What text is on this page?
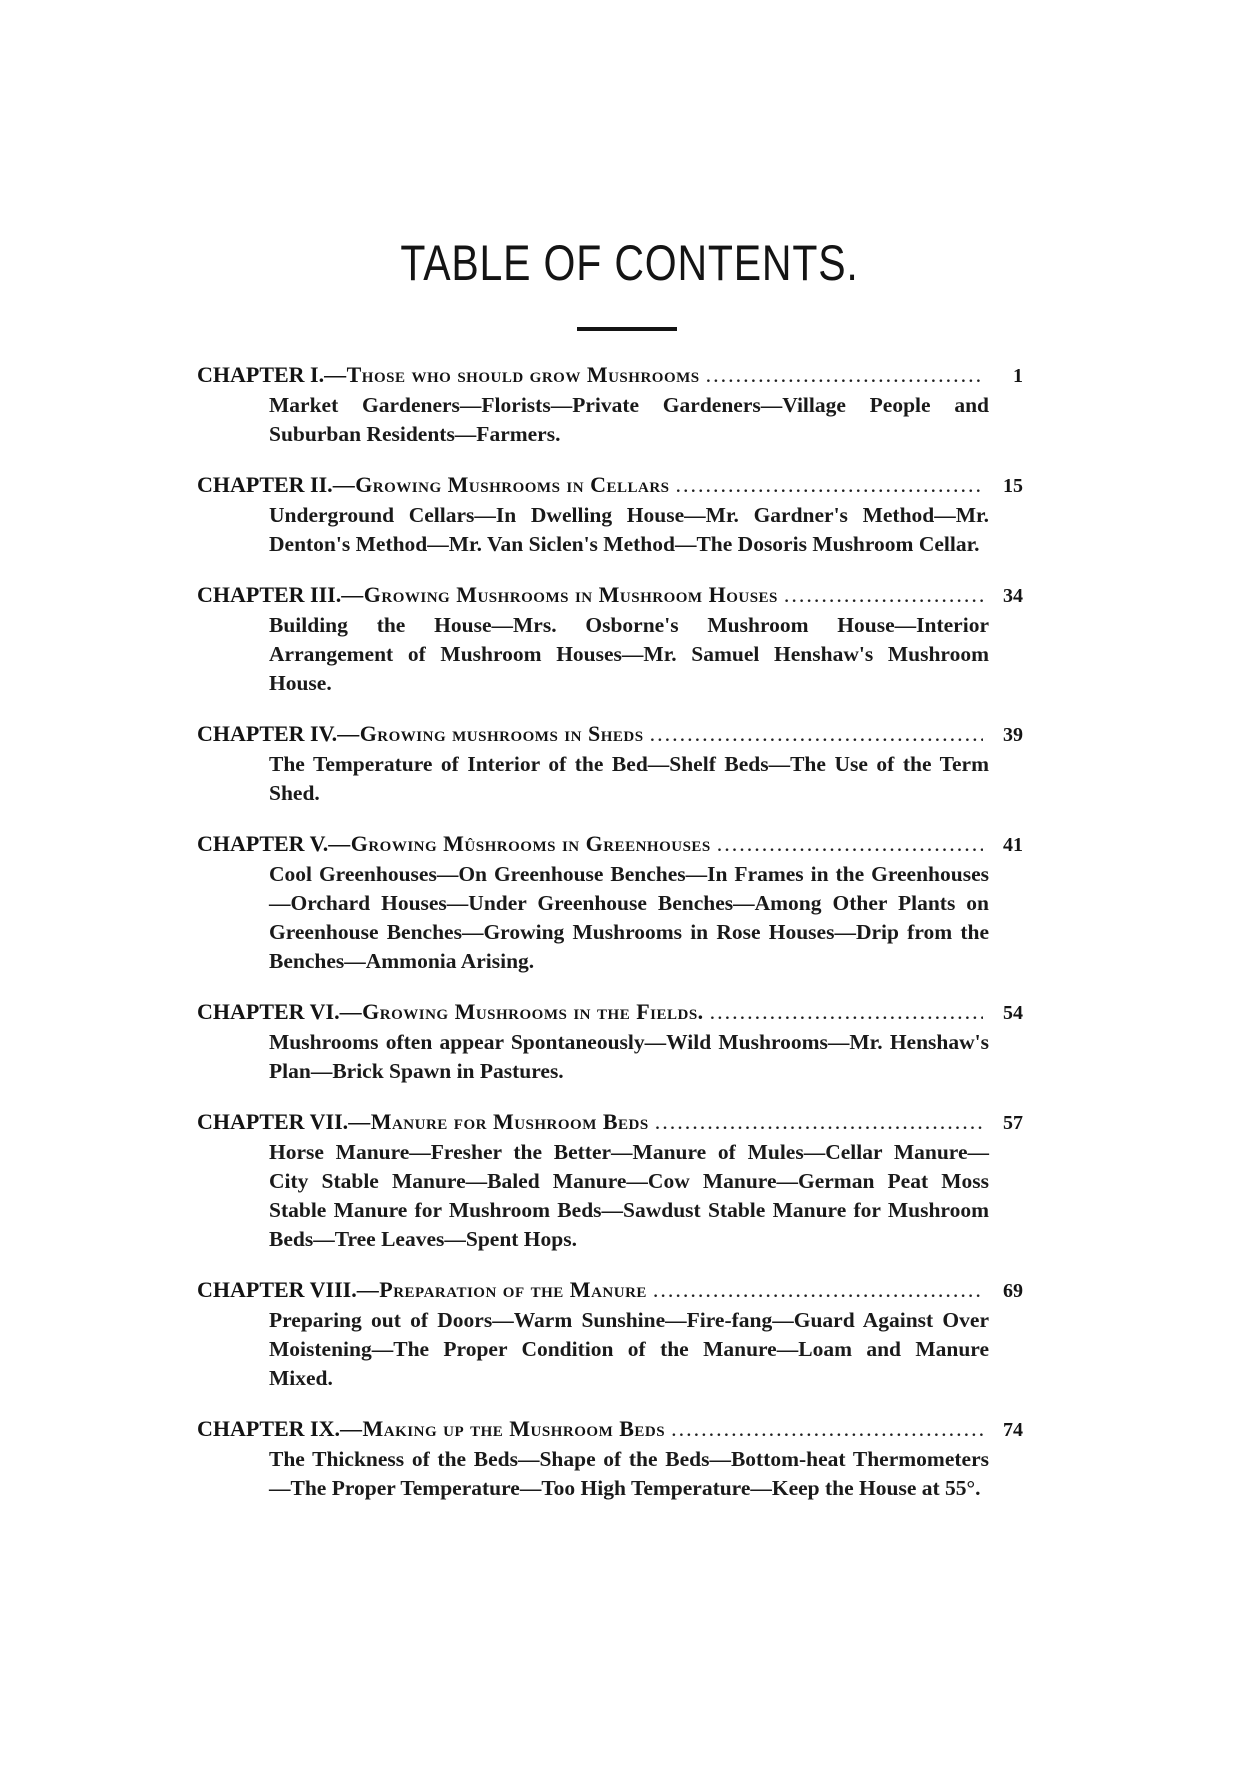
TABLE OF CONTENTS.
CHAPTER I. —Those who should grow Mushrooms .....	1
Market Gardeners—Florists—Private Gardeners—Village People and Suburban Residents—Farmers.
CHAPTER II. —Growing Mushrooms in Cellars .....	15
Underground Cellars—In Dwelling House—Mr. Gardner's Method—Mr. Denton's Method—Mr. Van Siclen's Method—The Dosoris Mushroom Cellar.
CHAPTER III. —Growing Mushrooms in Mushroom Houses .....	34
Building the House—Mrs. Osborne's Mushroom House—Interior Arrangement of Mushroom Houses—Mr. Samuel Henshaw's Mushroom House.
CHAPTER IV. —Growing mushrooms in Sheds .....	39
The Temperature of Interior of the Bed—Shelf Beds—The Use of the Term Shed.
CHAPTER V. —Growing Mûshrooms in Greenhouses .....	41
Cool Greenhouses—On Greenhouse Benches—In Frames in the Greenhouses—Orchard Houses—Under Greenhouse Benches—Among Other Plants on Greenhouse Benches—Growing Mushrooms in Rose Houses—Drip from the Benches—Ammonia Arising.
CHAPTER VI. —Growing Mushrooms in the Fields. .....	54
Mushrooms often appear Spontaneously—Wild Mushrooms—Mr. Henshaw's Plan—Brick Spawn in Pastures.
CHAPTER VII. —Manure for Mushroom Beds .....	57
Horse Manure—Fresher the Better—Manure of Mules—Cellar Manure—City Stable Manure—Baled Manure—Cow Manure—German Peat Moss Stable Manure for Mushroom Beds—Sawdust Stable Manure for Mushroom Beds—Tree Leaves—Spent Hops.
CHAPTER VIII. —Preparation of the Manure .....	69
Preparing out of Doors—Warm Sunshine—Fire-fang—Guard Against Over Moistening—The Proper Condition of the Manure—Loam and Manure Mixed.
CHAPTER IX. —Making up the Mushroom Beds .....	74
The Thickness of the Beds—Shape of the Beds—Bottom-heat Thermometers—The Proper Temperature—Too High Temperature—Keep the House at 55°.
